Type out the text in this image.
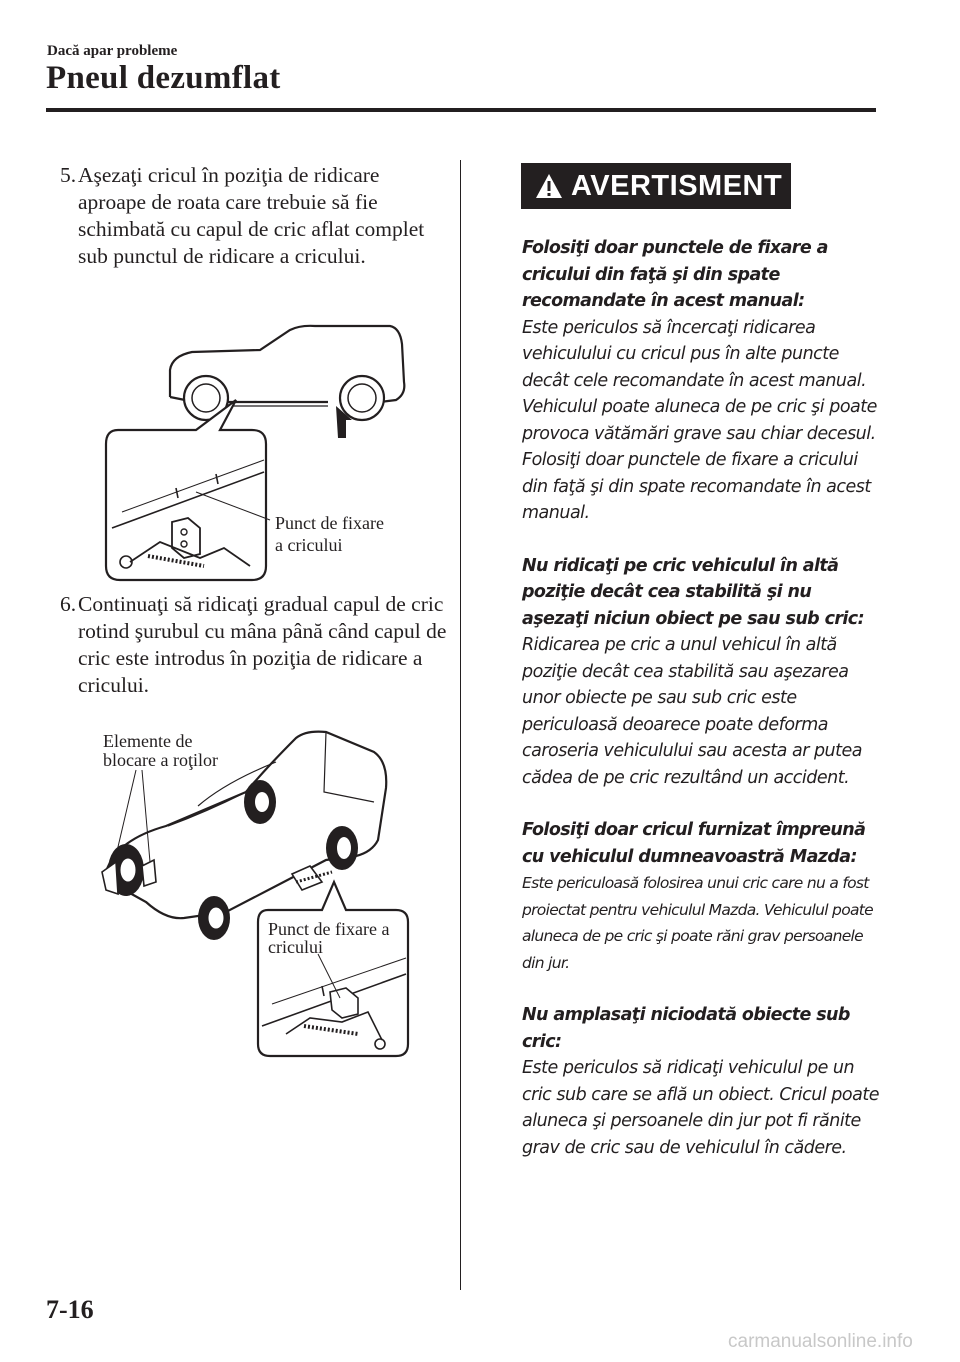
Dacă apar probleme
Pneul dezumflat
5. Aşezaţi cricul în poziţia de ridicare aproape de roata care trebuie să fie schimbată cu capul de cric aflat complet sub punctul de ridicare a cricului.
Punct de fixare
a cricului
6. Continuaţi să ridicaţi gradual capul de cric rotind şurubul cu mâna până când capul de cric este introdus în poziţia de ridicare a cricului.
Elemente de
blocare a roţilor
Punct de fixare a
cricului
AVERTISMENT
Folosiţi doar punctele de fixare a cricului din faţă şi din spate recomandate în acest manual:
Este periculos să încercaţi ridicarea vehiculului cu cricul pus în alte puncte decât cele recomandate în acest manual. Vehiculul poate aluneca de pe cric şi poate provoca vătămări grave sau chiar decesul. Folosiţi doar punctele de fixare a cricului din faţă şi din spate recomandate în acest manual.
Nu ridicaţi pe cric vehiculul în altă poziţie decât cea stabilită şi nu aşezaţi niciun obiect pe sau sub cric:
Ridicarea pe cric a unul vehicul în altă poziţie decât cea stabilită sau aşezarea unor obiecte pe sau sub cric este periculoasă deoarece poate deforma caroseria vehiculului sau acesta ar putea cădea de pe cric rezultând un accident.
Folosiţi doar cricul furnizat împreună cu vehiculul dumneavoastră Mazda:
Este periculoasă folosirea unui cric care nu a fost proiectat pentru vehiculul Mazda. Vehiculul poate aluneca de pe cric şi poate răni grav persoanele din jur.
Nu amplasaţi niciodată obiecte sub cric:
Este periculos să ridicaţi vehiculul pe un cric sub care se află un obiect. Cricul poate aluneca şi persoanele din jur pot fi rănite grav de cric sau de vehiculul în cădere.
7-16
carmanualsonline.info
